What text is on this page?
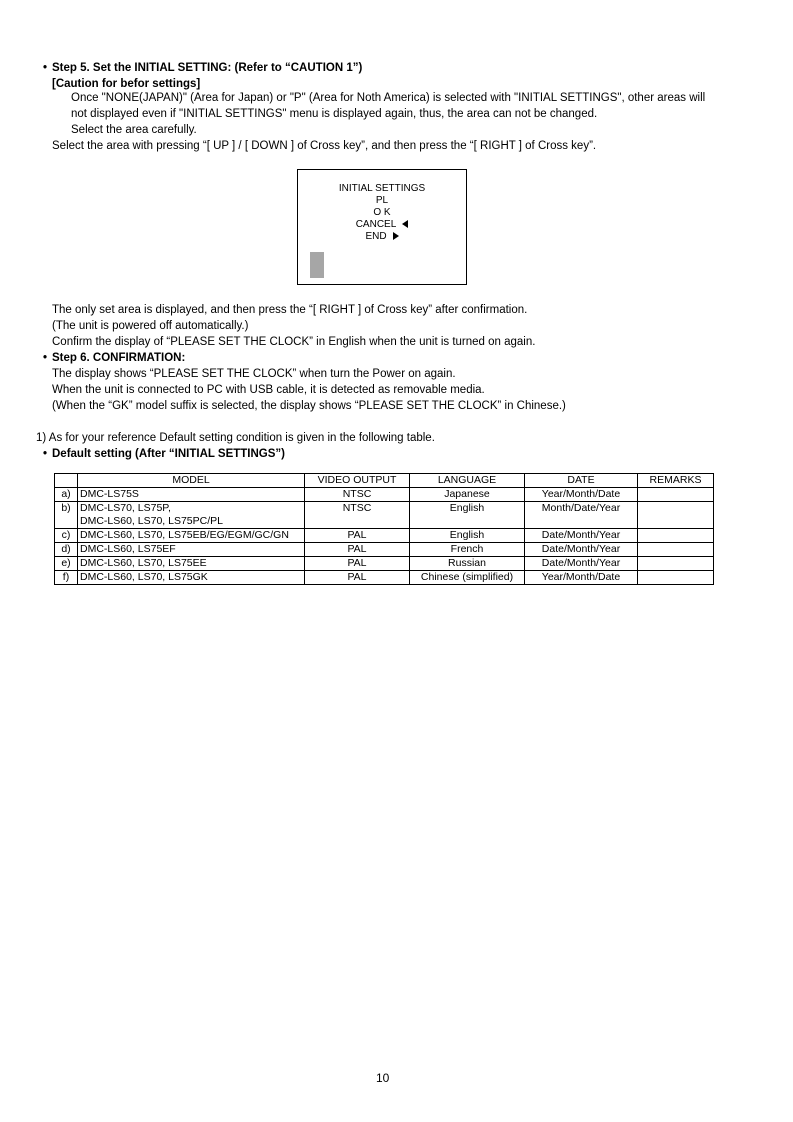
• Step 5. Set the INITIAL SETTING: (Refer to “CAUTION 1”)
[Caution for befor settings]
Once "NONE(JAPAN)" (Area for Japan) or "P" (Area for Noth America) is selected with "INITIAL SETTINGS", other areas will
not displayed even if "INITIAL SETTINGS" menu is displayed again, thus, the area can not be changed.
Select the area carefully.
Select the area with pressing “[ UP ] / [ DOWN ] of Cross key”, and then press the “[ RIGHT ] of Cross key”.
INITIAL SETTINGS
PL
O K
CANCEL
END
The only set area is displayed, and then press the “[ RIGHT ] of Cross key” after confirmation.
(The unit is powered off automatically.)
Confirm the display of “PLEASE SET THE CLOCK” in English when the unit is turned on again.
• Step 6. CONFIRMATION:
The display shows “PLEASE SET THE CLOCK” when turn the Power on again.
When the unit is connected to PC with USB cable, it is detected as removable media.
(When the “GK” model suffix is selected, the display shows “PLEASE SET THE CLOCK” in Chinese.)
1) As for your reference Default setting condition is given in the following table.
• Default setting (After “INITIAL SETTINGS”)
	MODEL	VIDEO OUTPUT	LANGUAGE	DATE	REMARKS
a)	DMC-LS75S	NTSC	Japanese	Year/Month/Date	
b)	DMC-LS70, LS75P,
DMC-LS60, LS70, LS75PC/PL	NTSC	English	Month/Date/Year	
c)	DMC-LS60, LS70, LS75EB/EG/EGM/GC/GN	PAL	English	Date/Month/Year	
d)	DMC-LS60, LS75EF	PAL	French	Date/Month/Year	
e)	DMC-LS60, LS70, LS75EE	PAL	Russian	Date/Month/Year	
f)	DMC-LS60, LS70, LS75GK	PAL	Chinese (simplified)	Year/Month/Date	
10
